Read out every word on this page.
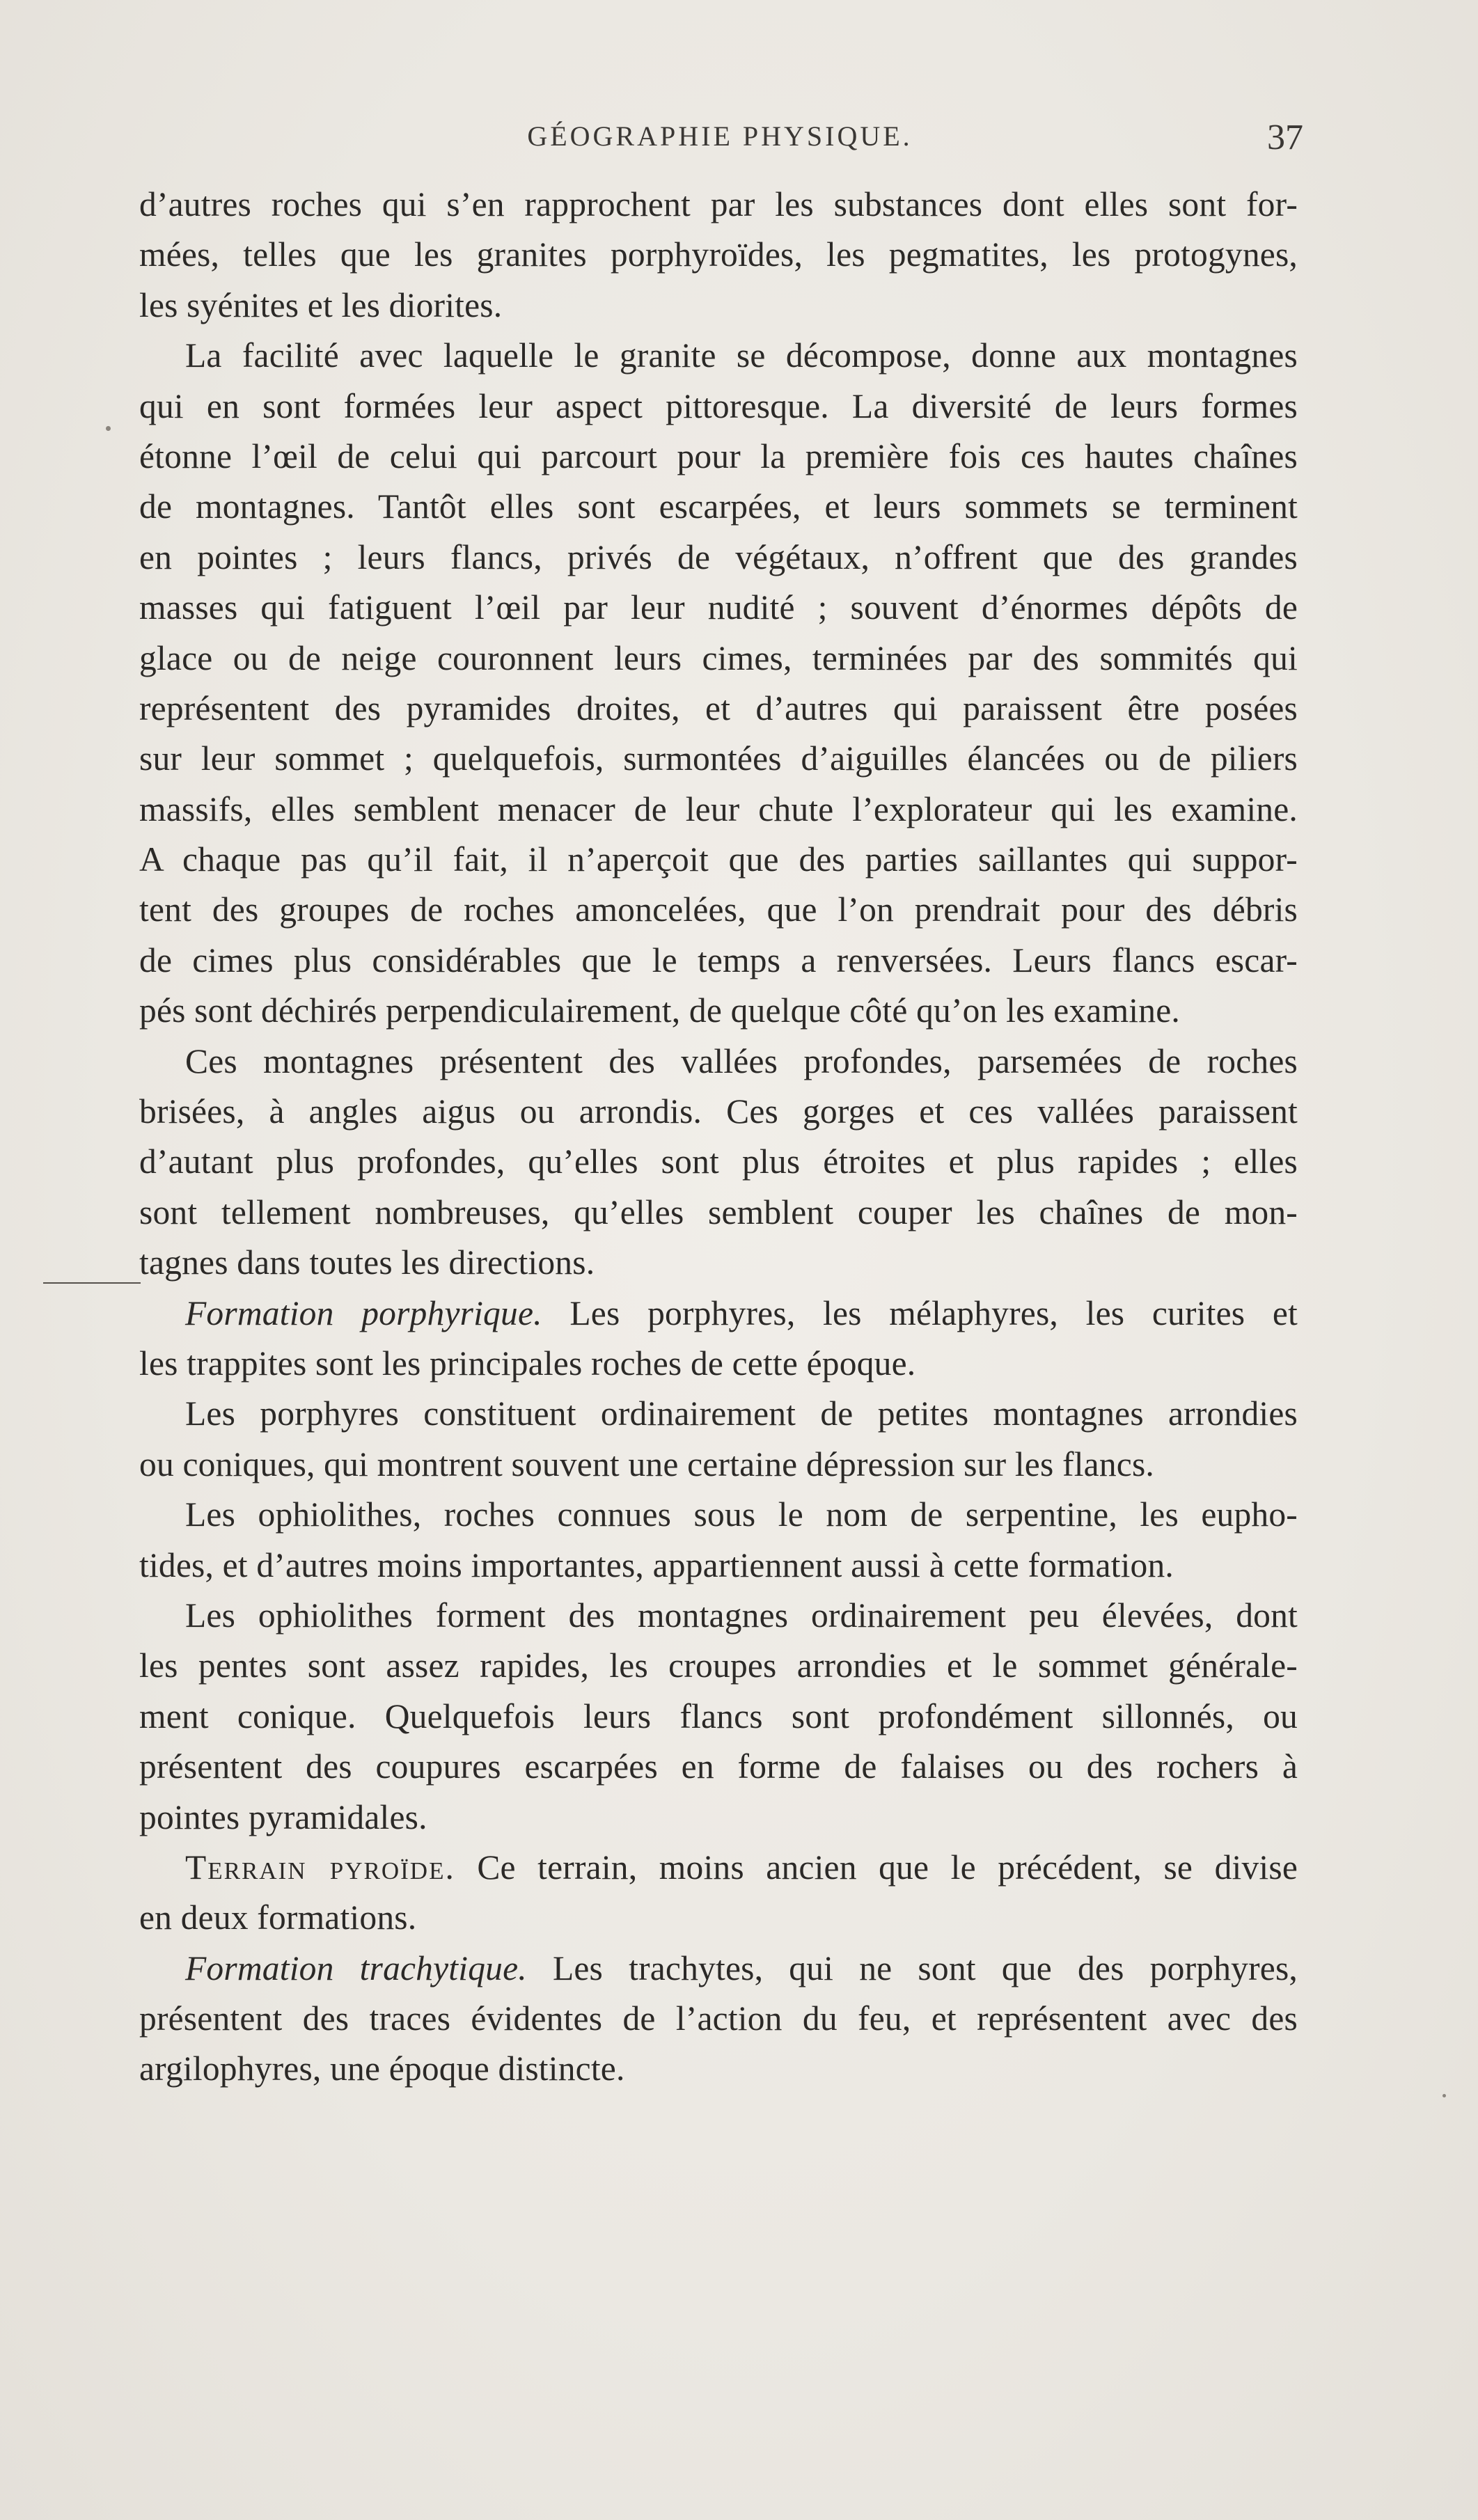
GÉOGRAPHIE PHYSIQUE.	37
d’autres roches qui s’en rapprochent par les substances dont elles sont for-
mées, telles que les granites porphyroïdes, les pegmatites, les protogynes,
les syénites et les diorites.
La facilité avec laquelle le granite se décompose, donne aux montagnes
qui en sont formées leur aspect pittoresque. La diversité de leurs formes
étonne l’œil de celui qui parcourt pour la première fois ces hautes chaînes
de montagnes. Tantôt elles sont escarpées, et leurs sommets se terminent
en pointes ; leurs flancs, privés de végétaux, n’offrent que des grandes
masses qui fatiguent l’œil par leur nudité ; souvent d’énormes dépôts de
glace ou de neige couronnent leurs cimes, terminées par des sommités qui
représentent des pyramides droites, et d’autres qui paraissent être posées
sur leur sommet ; quelquefois, surmontées d’aiguilles élancées ou de piliers
massifs, elles semblent menacer de leur chute l’explorateur qui les examine.
A chaque pas qu’il fait, il n’aperçoit que des parties saillantes qui suppor-
tent des groupes de roches amoncelées, que l’on prendrait pour des débris
de cimes plus considérables que le temps a renversées. Leurs flancs escar-
pés sont déchirés perpendiculairement, de quelque côté qu’on les examine.
Ces montagnes présentent des vallées profondes, parsemées de roches
brisées, à angles aigus ou arrondis. Ces gorges et ces vallées paraissent
d’autant plus profondes, qu’elles sont plus étroites et plus rapides ; elles
sont tellement nombreuses, qu’elles semblent couper les chaînes de mon-
tagnes dans toutes les directions.
Formation porphyrique. Les porphyres, les mélaphyres, les curites et
les trappites sont les principales roches de cette époque.
Les porphyres constituent ordinairement de petites montagnes arrondies
ou coniques, qui montrent souvent une certaine dépression sur les flancs.
Les ophiolithes, roches connues sous le nom de serpentine, les eupho-
tides, et d’autres moins importantes, appartiennent aussi à cette formation.
Les ophiolithes forment des montagnes ordinairement peu élevées, dont
les pentes sont assez rapides, les croupes arrondies et le sommet générale-
ment conique. Quelquefois leurs flancs sont profondément sillonnés, ou
présentent des coupures escarpées en forme de falaises ou des rochers à
pointes pyramidales.
Terrain pyroïde. Ce terrain, moins ancien que le précédent, se divise
en deux formations.
Formation trachytique. Les trachytes, qui ne sont que des porphyres,
présentent des traces évidentes de l’action du feu, et représentent avec des
argilophyres, une époque distincte.
